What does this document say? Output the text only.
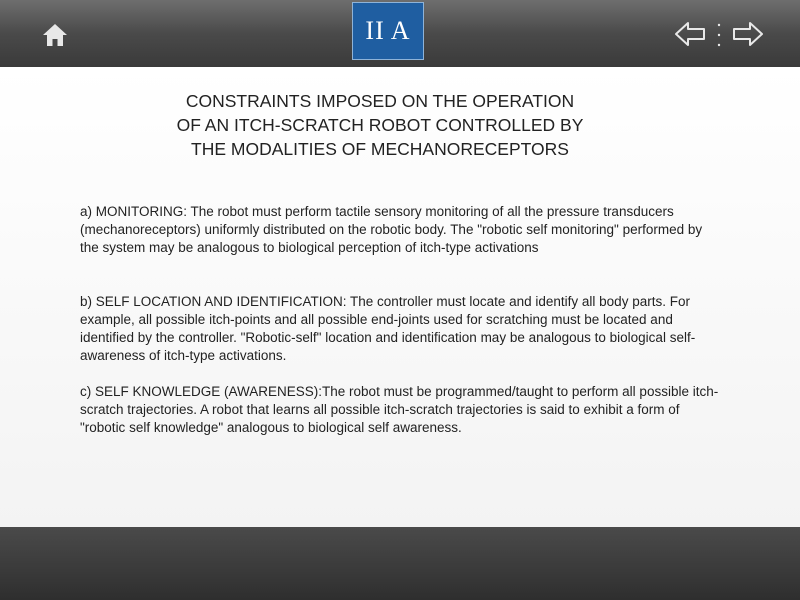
II A
CONSTRAINTS IMPOSED ON THE OPERATION
OF AN ITCH-SCRATCH ROBOT CONTROLLED BY
THE MODALITIES OF MECHANORECEPTORS

a) MONITORING: The robot must perform tactile sensory monitoring of all the pressure transducers (mechanoreceptors) uniformly distributed on the robotic body. The "robotic self monitoring" performed by the system may be analogous to biological perception of itch-type activations

b) SELF LOCATION AND IDENTIFICATION: The controller must locate and identify all body parts. For example, all possible itch-points and all possible end-joints used for scratching must be located and identified by the controller. "Robotic-self" location and identification may be analogous to biological self-awareness of itch-type activations.

c) SELF KNOWLEDGE (AWARENESS):The robot must be programmed/taught to perform all possible itch-scratch trajectories. A robot that learns all possible itch-scratch trajectories is said to exhibit a form of "robotic self knowledge" analogous to biological self awareness.
